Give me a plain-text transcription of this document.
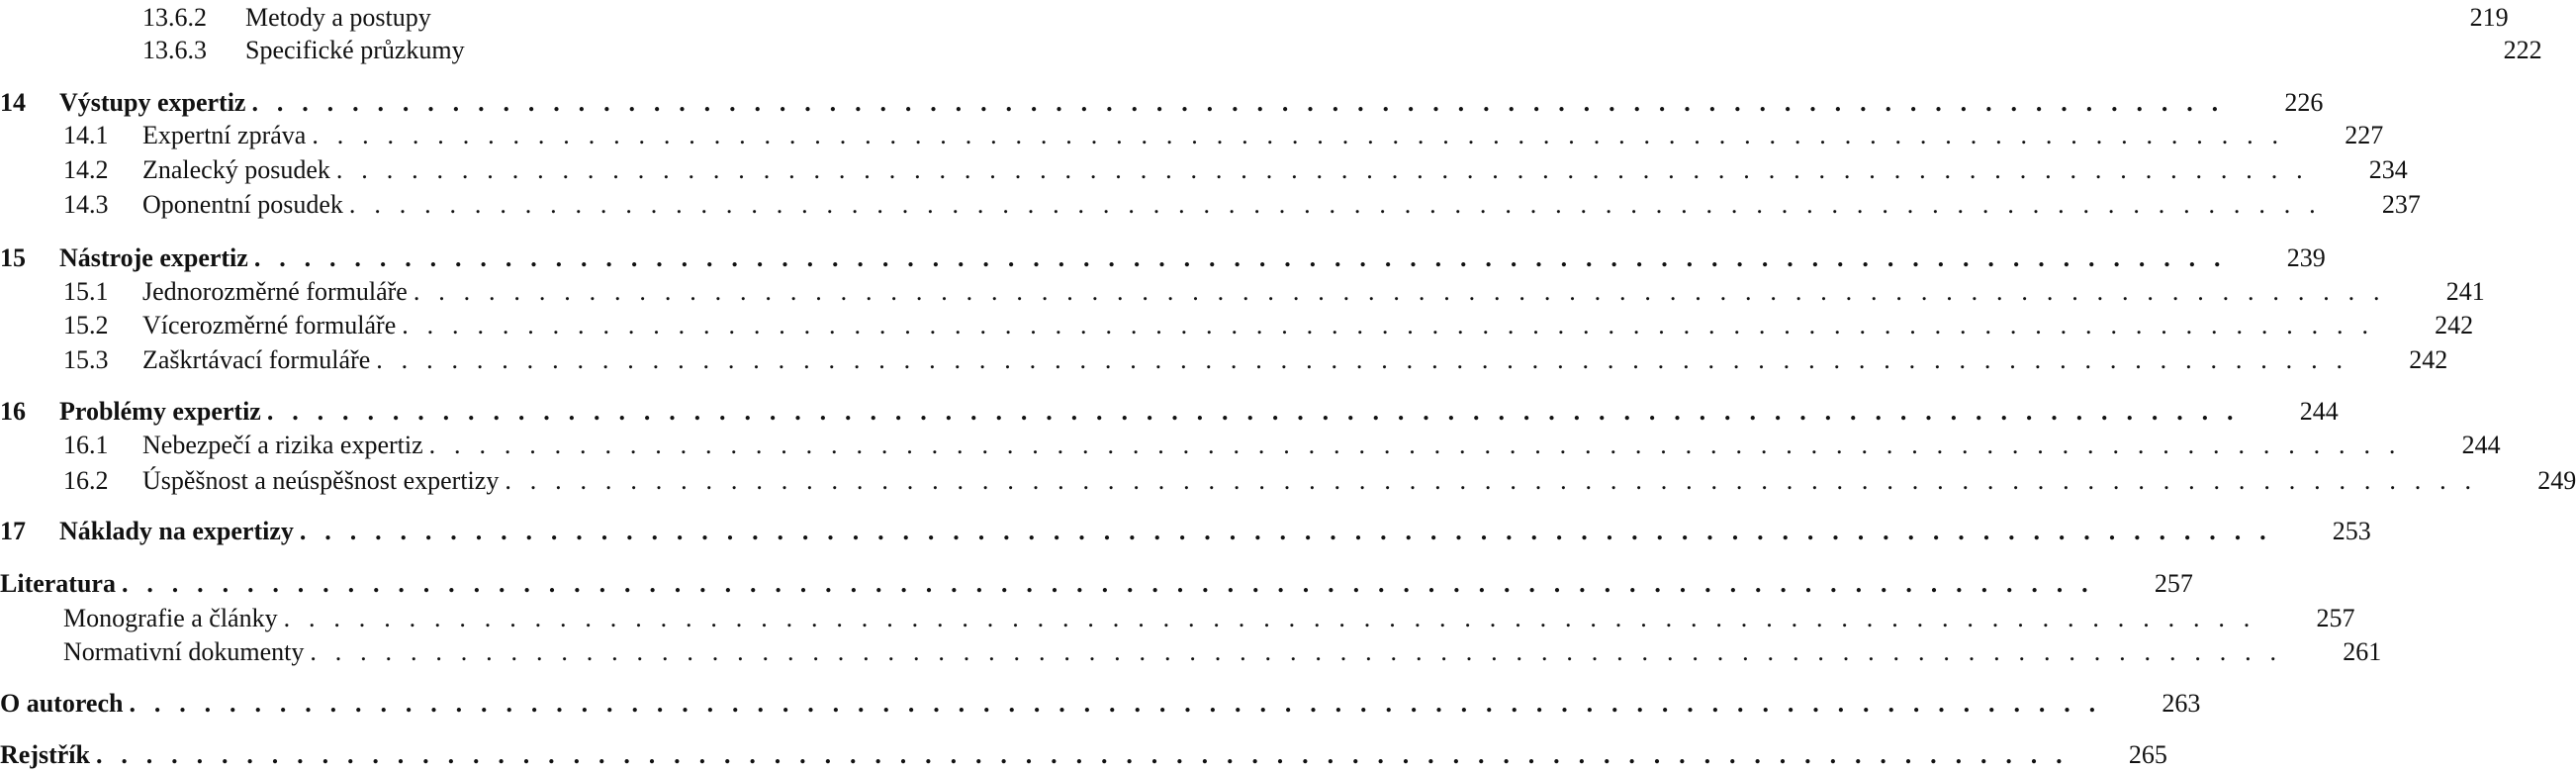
13.6.2	Metody a postupy	219
13.6.3	Specifické průzkumy	222
14	Výstupy expertiz . . . . . . . . . . . . . . . . . . . . . . . . . . . . . . . . . . . . . . . . . . . . . . . . . . . . . . . . . . . . . . . . . . . . . . . . . . . . . . .	226
14.1	Expertní zpráva . . . . . . . . . . . . . . . . . . . . . . . . . . . . . . . . . . . . . . . . . . . . . . . . . . . . . . . . . . . . . . . . . . . . . . . . . . . . . . .	227
14.2	Znalecký posudek . . . . . . . . . . . . . . . . . . . . . . . . . . . . . . . . . . . . . . . . . . . . . . . . . . . . . . . . . . . . . . . . . . . . . . . . . . . . . . .	234
14.3	Oponentní posudek . . . . . . . . . . . . . . . . . . . . . . . . . . . . . . . . . . . . . . . . . . . . . . . . . . . . . . . . . . . . . . . . . . . . . . . . . . . . . . .	237
15	Nástroje expertiz . . . . . . . . . . . . . . . . . . . . . . . . . . . . . . . . . . . . . . . . . . . . . . . . . . . . . . . . . . . . . . . . . . . . . . . . . . . . . . .	239
15.1	Jednorozměrné formuláře . . . . . . . . . . . . . . . . . . . . . . . . . . . . . . . . . . . . . . . . . . . . . . . . . . . . . . . . . . . . . . . . . . . . . . . . . . . . . . .	241
15.2	Vícerozměrné formuláře . . . . . . . . . . . . . . . . . . . . . . . . . . . . . . . . . . . . . . . . . . . . . . . . . . . . . . . . . . . . . . . . . . . . . . . . . . . . . . .	242
15.3	Zaškrtávací formuláře . . . . . . . . . . . . . . . . . . . . . . . . . . . . . . . . . . . . . . . . . . . . . . . . . . . . . . . . . . . . . . . . . . . . . . . . . . . . . . .	242
16	Problémy expertiz . . . . . . . . . . . . . . . . . . . . . . . . . . . . . . . . . . . . . . . . . . . . . . . . . . . . . . . . . . . . . . . . . . . . . . . . . . . . . . .	244
16.1	Nebezpečí a rizika expertiz . . . . . . . . . . . . . . . . . . . . . . . . . . . . . . . . . . . . . . . . . . . . . . . . . . . . . . . . . . . . . . . . . . . . . . . . . . . . . . .	244
16.2	Úspěšnost a neúspěšnost expertizy . . . . . . . . . . . . . . . . . . . . . . . . . . . . . . . . . . . . . . . . . . . . . . . . . . . . . . . . . . . . . . . . . . . . . . . . . . . . . . .	249
17	Náklady na expertizy . . . . . . . . . . . . . . . . . . . . . . . . . . . . . . . . . . . . . . . . . . . . . . . . . . . . . . . . . . . . . . . . . . . . . . . . . . . . . . .	253
Literatura . . . . . . . . . . . . . . . . . . . . . . . . . . . . . . . . . . . . . . . . . . . . . . . . . . . . . . . . . . . . . . . . . . . . . . . . . . . . . . .	257
Monografie a články . . . . . . . . . . . . . . . . . . . . . . . . . . . . . . . . . . . . . . . . . . . . . . . . . . . . . . . . . . . . . . . . . . . . . . . . . . . . . . .	257
Normativní dokumenty . . . . . . . . . . . . . . . . . . . . . . . . . . . . . . . . . . . . . . . . . . . . . . . . . . . . . . . . . . . . . . . . . . . . . . . . . . . . . . .	261
O autorech . . . . . . . . . . . . . . . . . . . . . . . . . . . . . . . . . . . . . . . . . . . . . . . . . . . . . . . . . . . . . . . . . . . . . . . . . . . . . . .	263
Rejstřík . . . . . . . . . . . . . . . . . . . . . . . . . . . . . . . . . . . . . . . . . . . . . . . . . . . . . . . . . . . . . . . . . . . . . . . . . . . . . . .	265
